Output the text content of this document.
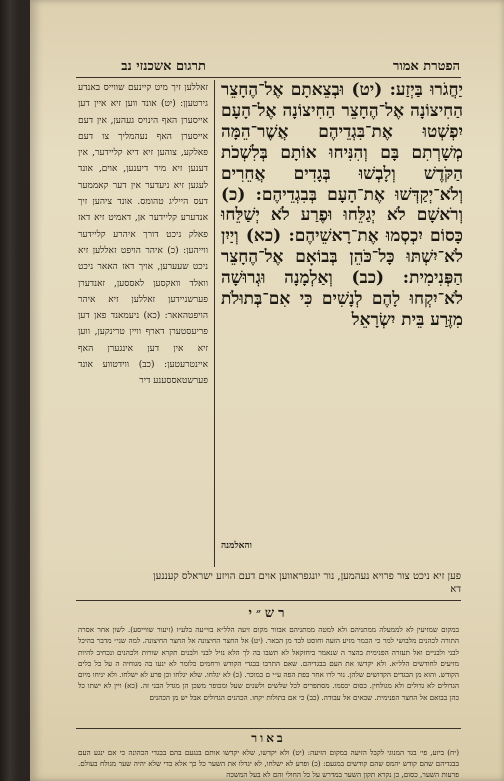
הפטרת אמור
תרגום אשכנזי נב

יַחֲגֹרוּ בַּיְזַע: (יט) וּבְצֵאתָם אֶל־הֶחָצֵר הַחִיצוֹנָה אֶל־הֶחָצֵר הַחִיצוֹנָה אֶל־הָעָם יִפְשְׁטוּ אֶת־בִּגְדֵיהֶם אֲשֶׁר־הֵמָּה מְשָׁרְתִם בָּם וְהִנִּיחוּ אוֹתָם בְּלִשְׁכֹת הַקֹּדֶשׁ וְלָבְשׁוּ בְּגָדִים אֲחֵרִים וְלֹא־יְקַדְּשׁוּ אֶת־הָעָם בְּבִגְדֵיהֶם: (כ) וְרֹאשָׁם לֹא יְגַלֵּחוּ וּפֶרַע לֹא יְשַׁלֵּחוּ כָּסוֹם יִכְסְמוּ אֶת־רָאשֵׁיהֶם: (כא) וְיַיִן לֹא־יִשְׁתּוּ כָּל־כֹּהֵן בְּבוֹאָם אֶל־הֶחָצֵר הַפְּנִימִית: (כב) וְאַלְמָנָה וּגְרוּשָׁה לֹא־יִקְחוּ לָהֶם לְנָשִׁים כִּי אִם־בְּתוּלֹת מִזֶּרַע בֵּית יִשְׂרָאֵל

והאלמנה

זאללען זיך מיט קיינעם שווייס באנדע גירטעןן: (יט) אונד ווען זיא איין דען אייסערן האף הינויס געהען, אין דעם אייסערן האף נעהמליך צו דעם פאלקע, צוהען זיא דיא קליידער, אין דענען זיא מיר דיענען, אוים, אונד לעגען זיא ניעדער אין דער קאממער דעס הייליג טהומס. אונד ציהען זיך אנדערע קליידער אן, דאמיט זיא דאז פאלק ניכט דורך איהרע קליידער ווייהען: (כ) איהר הויפט זאללען זיא ניכט שעערען, אויך דאז האאר ניכט וואלד וואקסען לאססען, זאנדערן פערשניידען זאללען זיא איהר הויפטהאאר: (כא) ניעמאנד פאן דען פריעסטערן דארף וויין טרינקען, ווען זיא אין דען אינגערן האף איינטרעטען: (כב) ווידטווע אונד פערשטאססענע דיר

פען זיא ניכט צור פרויא נעהמען, נור יונגפראווען אוים דעם הויזע ישראלס קעננען
דא
רש״י

במקום שמזיעין לא לממעלה ממתניהם ולא למטה ממתניהם אבזור מקום זיעה הלל״א בזי״עה בלע״ז (זיעור שווייסע). לשון אחר אסרה התורה לכהנים מלבושי למר כי הכמר מזיע הזעה וחוסט לבד מן הבאר. (יט) אל החצר החיצונה אל החצר החיצונה. למה שני״ מדבר בהיכל לבני ולבניים ואל תעזרה הפנימית בהצר ה שנאמר ביחזקאל לא תשבו בה לך הלא נזיל לבני ולבנים תקרא שורות ולכהנים ונכחיב להיות מזיעים לחודשים הלל״א. ולא יקדשו את העם בבגדיהם. שאם התרבו בבגדי הקודש ורחמים כלומר לא ינעו בה מגוחיה ה על כל כלים הקודש. והוא מן הבגדים הקדושים שלהן. נור לרו אחר בפת הפה ע״י ם כמוכר. (כ) לא יגלחו. שלא יגלחו וכן פרע לא ישלחו. ולא יניחו מיום הגדולים לא גדולים ולא מגולחין. כסום יכסמו. מסתפרים לכל שלשים ולשנים שעל ומכופר משכן הן מגדל הבני זה. (כא) ויין לא ישתו כל כהן בבואם אל החצר הפנימית. שבאים אל עבודה. (כב) כי אם בתולות יקחו. הכהנים הגדולים אבל יש מן הכהנים

באור

(יח) ביזע, פי׳ בגד המנוגי לקבל הזיעה במקום הזיעה: (יט) ולא יקדשו, שלא יקדשו אותם בנגעם בהם בבגדי הכהונה כי אם ינגע העם בבגדיהם שהם קודש יהמס שהם קודשים במגעם: (כ) ופרע לא ישלחו, לא יגדלו את השער כל כך אלא כדי שלא יהיה שער מגולח בעולם. פרעות השער, כסום, כן נקרא תקון השער במדרש על כל החולי והם לא בעל המשכה
